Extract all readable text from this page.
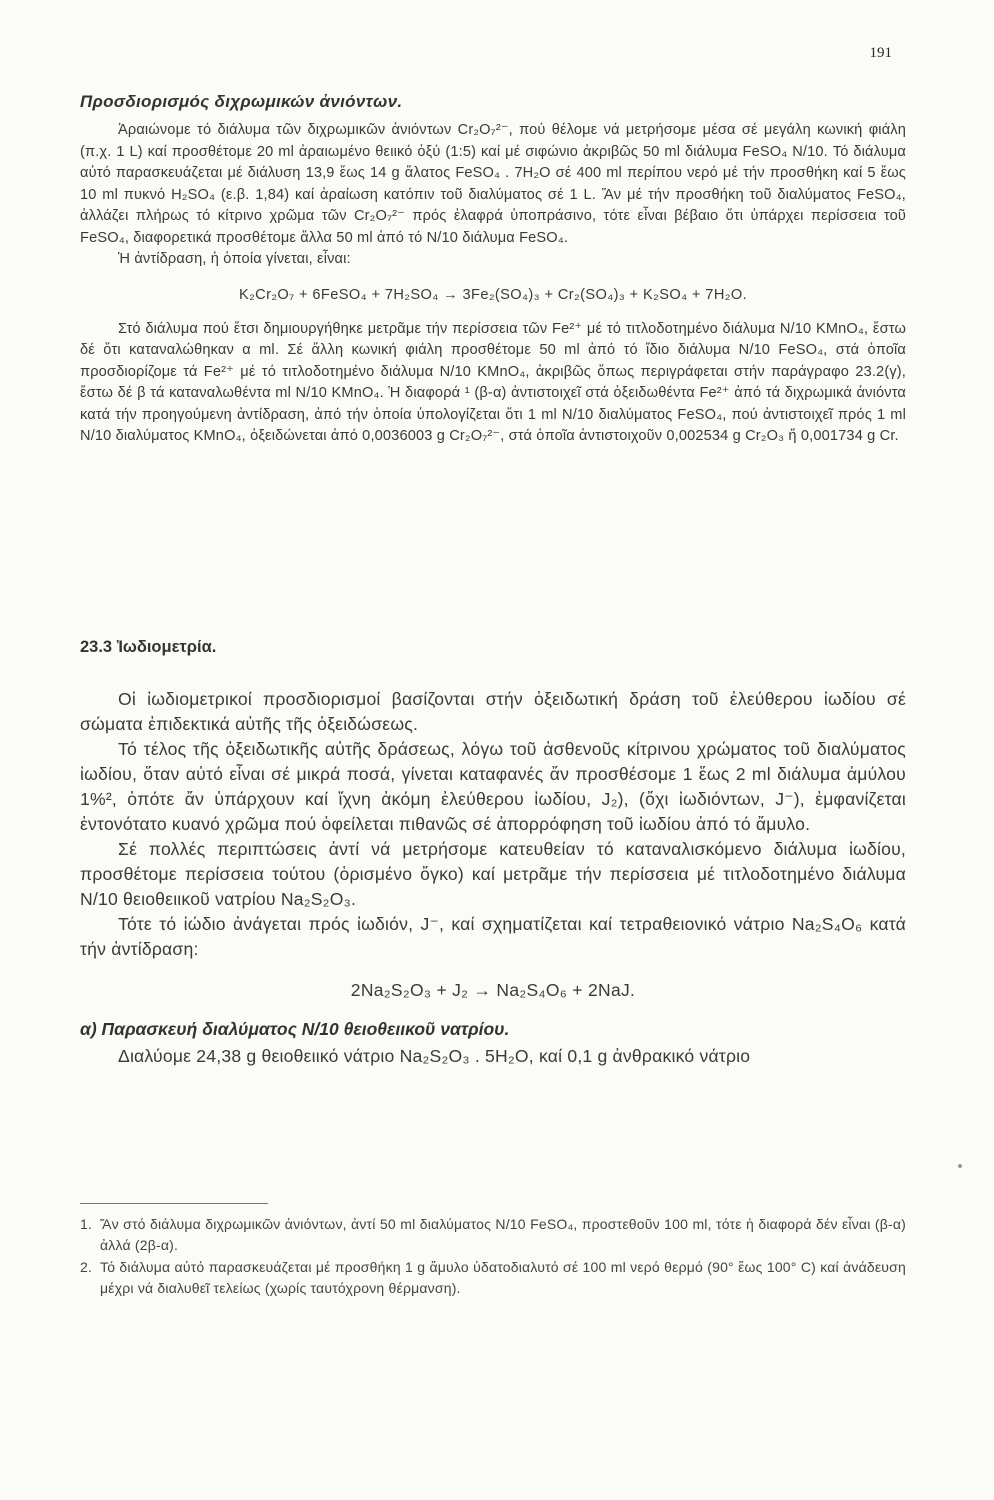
191

Προσδιορισμός διχρωμικών ἀνιόντων.

Ἀραιώνομε τό διάλυμα τῶν διχρωμικῶν ἀνιόντων Cr₂O₇²⁻, πού θέλομε νά μετρήσομε μέσα σέ μεγάλη κωνική φιάλη (π.χ. 1 L) καί προσθέτομε 20 ml ἀραιωμένο θειικό ὀξύ (1:5) καί μέ σιφώνιο ἀκριβῶς 50 ml διάλυμα FeSO₄ N/10. Τό διάλυμα αὐτό παρασκευάζεται μέ διάλυση 13,9 ἕως 14 g ἅλατος FeSO₄ . 7H₂O σέ 400 ml περίπου νερό μέ τήν προσθήκη καί 5 ἕως 10 ml πυκνό H₂SO₄ (ε.β. 1,84) καί ἀραίωση κατόπιν τοῦ διαλύματος σέ 1 L. Ἄν μέ τήν προσθήκη τοῦ διαλύματος FeSO₄, ἀλλάζει πλήρως τό κίτρινο χρῶμα τῶν Cr₂O₇²⁻ πρός ἐλαφρά ὑποπράσινο, τότε εἶναι βέβαιο ὅτι ὑπάρχει περίσσεια τοῦ FeSO₄, διαφορετικά προσθέτομε ἄλλα 50 ml ἀπό τό N/10 διάλυμα FeSO₄.

Ἡ ἀντίδραση, ἡ ὁποία γίνεται, εἶναι:

K₂Cr₂O₇ + 6FeSO₄ + 7H₂SO₄ → 3Fe₂(SO₄)₃ + Cr₂(SO₄)₃ + K₂SO₄ + 7H₂O.

Στό διάλυμα πού ἔτσι δημιουργήθηκε μετρᾶμε τήν περίσσεια τῶν Fe²⁺ μέ τό τιτλοδοτημένο διάλυμα N/10 KMnO₄, ἔστω δέ ὅτι καταναλώθηκαν α ml. Σέ ἄλλη κωνική φιάλη προσθέτομε 50 ml ἀπό τό ἴδιο διάλυμα N/10 FeSO₄, στά ὁποῖα προσδιορίζομε τά Fe²⁺ μέ τό τιτλοδοτημένο διάλυμα N/10 KMnO₄, ἀκριβῶς ὅπως περιγράφεται στήν παράγραφο 23.2(γ), ἔστω δέ β τά καταναλωθέντα ml N/10 KMnO₄. Ἡ διαφορά ¹ (β-α) ἀντιστοιχεῖ στά ὀξειδωθέντα Fe²⁺ ἀπό τά διχρωμικά ἀνιόντα κατά τήν προηγούμενη ἀντίδραση, ἀπό τήν ὁποία ὑπολογίζεται ὅτι 1 ml N/10 διαλύματος FeSO₄, πού ἀντιστοιχεῖ πρός 1 ml N/10 διαλύματος KMnO₄, ὀξειδώνεται ἀπό 0,0036003 g Cr₂O₇²⁻, στά ὁποῖα ἀντιστοιχοῦν 0,002534 g Cr₂O₃ ἤ 0,001734 g Cr.

23.3 Ἰωδιομετρία.

Οἱ ἰωδιομετρικοί προσδιορισμοί βασίζονται στήν ὀξειδωτική δράση τοῦ ἐλεύθερου ἰωδίου σέ σώματα ἐπιδεκτικά αὐτῆς τῆς ὀξειδώσεως.

Τό τέλος τῆς ὀξειδωτικῆς αὐτῆς δράσεως, λόγω τοῦ ἀσθενοῦς κίτρινου χρώματος τοῦ διαλύματος ἰωδίου, ὅταν αὐτό εἶναι σέ μικρά ποσά, γίνεται καταφανές ἄν προσθέσομε 1 ἕως 2 ml διάλυμα ἀμύλου 1%², ὁπότε ἄν ὑπάρχουν καί ἴχνη ἀκόμη ἐλεύθερου ἰωδίου, J₂), (ὄχι ἰωδιόντων, J⁻), ἐμφανίζεται ἐντονότατο κυανό χρῶμα πού ὀφείλεται πιθανῶς σέ ἀπορρόφηση τοῦ ἰωδίου ἀπό τό ἄμυλο.

Σέ πολλές περιπτώσεις ἀντί νά μετρήσομε κατευθείαν τό καταναλισκόμενο διάλυμα ἰωδίου, προσθέτομε περίσσεια τούτου (ὁρισμένο ὄγκο) καί μετρᾶμε τήν περίσσεια μέ τιτλοδοτημένο διάλυμα N/10 θειοθειικοῦ νατρίου Na₂S₂O₃.

Τότε τό ἰώδιο ἀνάγεται πρός ἰωδιόν, J⁻, καί σχηματίζεται καί τετραθειονικό νάτριο Na₂S₄O₆ κατά τήν ἀντίδραση:

2Na₂S₂O₃ + J₂ → Na₂S₄O₆ + 2NaJ.

α) Παρασκευή διαλύματος N/10 θειοθειικοῦ νατρίου.

Διαλύομε 24,38 g θειοθειικό νάτριο Na₂S₂O₃ . 5H₂O, καί 0,1 g ἀνθρακικό νάτριο

1. Ἄν στό διάλυμα διχρωμικῶν ἀνιόντων, ἀντί 50 ml διαλύματος N/10 FeSO₄, προστεθοῦν 100 ml, τότε ἡ διαφορά δέν εἶναι (β-α) ἀλλά (2β-α).
2. Τό διάλυμα αὐτό παρασκευάζεται μέ προσθήκη 1 g ἄμυλο ὑδατοδιαλυτό σέ 100 ml νερό θερμό (90° ἕως 100° C) καί ἀνάδευση μέχρι νά διαλυθεῖ τελείως (χωρίς ταυτόχρονη θέρμανση).
